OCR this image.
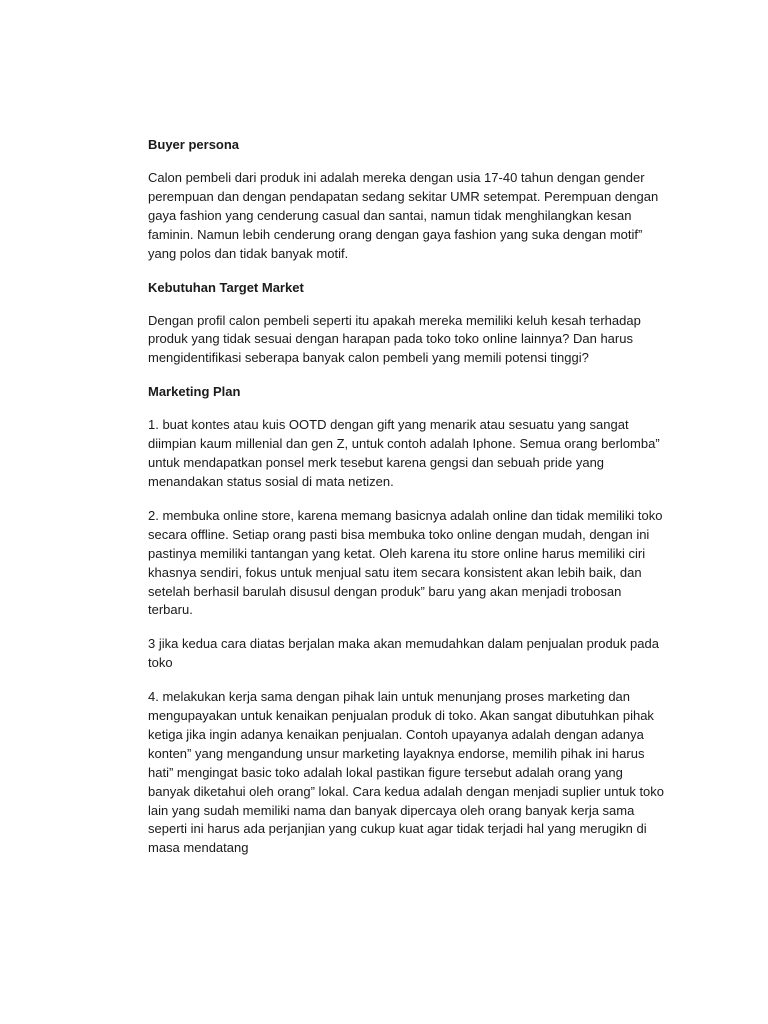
Buyer persona

Calon pembeli dari produk ini adalah mereka dengan usia 17-40 tahun dengan gender perempuan dan dengan pendapatan sedang sekitar UMR setempat. Perempuan dengan gaya fashion yang cenderung casual dan santai, namun tidak menghilangkan kesan faminin. Namun lebih cenderung orang dengan gaya fashion yang suka dengan motif” yang polos dan tidak banyak motif.

Kebutuhan Target Market

Dengan profil calon pembeli seperti itu apakah mereka memiliki keluh kesah terhadap produk yang tidak sesuai dengan harapan pada toko toko online lainnya? Dan harus mengidentifikasi seberapa banyak calon pembeli yang memili potensi tinggi?

Marketing Plan

1. buat kontes atau kuis OOTD dengan gift yang menarik atau sesuatu yang sangat diimpian kaum millenial dan gen Z, untuk contoh adalah Iphone. Semua orang berlomba” untuk mendapatkan ponsel merk tesebut karena gengsi dan sebuah pride yang menandakan status sosial di mata netizen.

2. membuka online store, karena memang basicnya adalah online dan tidak memiliki toko secara offline. Setiap orang pasti bisa membuka toko online dengan mudah, dengan ini pastinya memiliki tantangan yang ketat. Oleh karena itu store online harus memiliki ciri khasnya sendiri, fokus untuk menjual satu item secara konsistent akan lebih baik, dan setelah berhasil barulah disusul dengan produk” baru yang akan menjadi trobosan terbaru.

3 jika kedua cara diatas berjalan maka akan memudahkan dalam penjualan produk pada toko

4. melakukan kerja sama dengan pihak lain untuk menunjang proses marketing dan mengupayakan untuk kenaikan penjualan produk di toko. Akan sangat dibutuhkan pihak ketiga jika ingin adanya kenaikan penjualan. Contoh upayanya adalah dengan adanya konten” yang mengandung unsur marketing layaknya endorse, memilih pihak ini harus hati” mengingat basic toko adalah lokal pastikan figure tersebut adalah orang yang banyak diketahui oleh orang” lokal. Cara kedua adalah dengan menjadi suplier untuk toko lain yang sudah memiliki nama dan banyak dipercaya oleh orang banyak kerja sama seperti ini harus ada perjanjian yang cukup kuat agar tidak terjadi hal yang merugikn di masa mendatang
